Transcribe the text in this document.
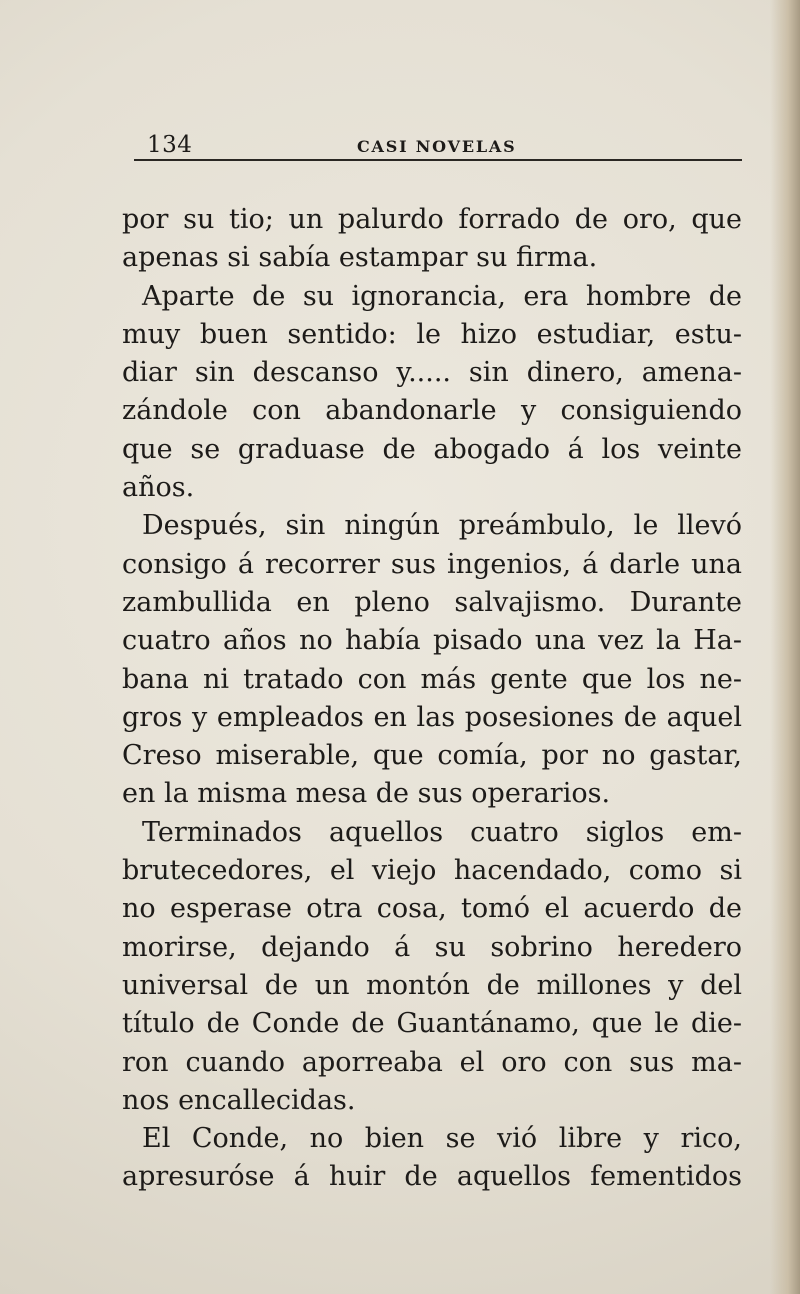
134	CASI NOVELAS
por su tio; un palurdo forrado de oro, que
apenas si sabía estampar su firma.
Aparte de su ignorancia, era hombre de
muy buen sentido: le hizo estudiar, estu-
diar sin descanso y..... sin dinero, amena-
zándole con abandonarle y consiguiendo
que se graduase de abogado á los veinte
años.
Después, sin ningún preámbulo, le llevó
consigo á recorrer sus ingenios, á darle una
zambullida en pleno salvajismo. Durante
cuatro años no había pisado una vez la Ha-
bana ni tratado con más gente que los ne-
gros y empleados en las posesiones de aquel
Creso miserable, que comía, por no gastar,
en la misma mesa de sus operarios.
Terminados aquellos cuatro siglos em-
brutecedores, el viejo hacendado, como si
no esperase otra cosa, tomó el acuerdo de
morirse, dejando á su sobrino heredero
universal de un montón de millones y del
título de Conde de Guantánamo, que le die-
ron cuando aporreaba el oro con sus ma-
nos encallecidas.
El Conde, no bien se vió libre y rico,
apresuróse á huir de aquellos fementidos
